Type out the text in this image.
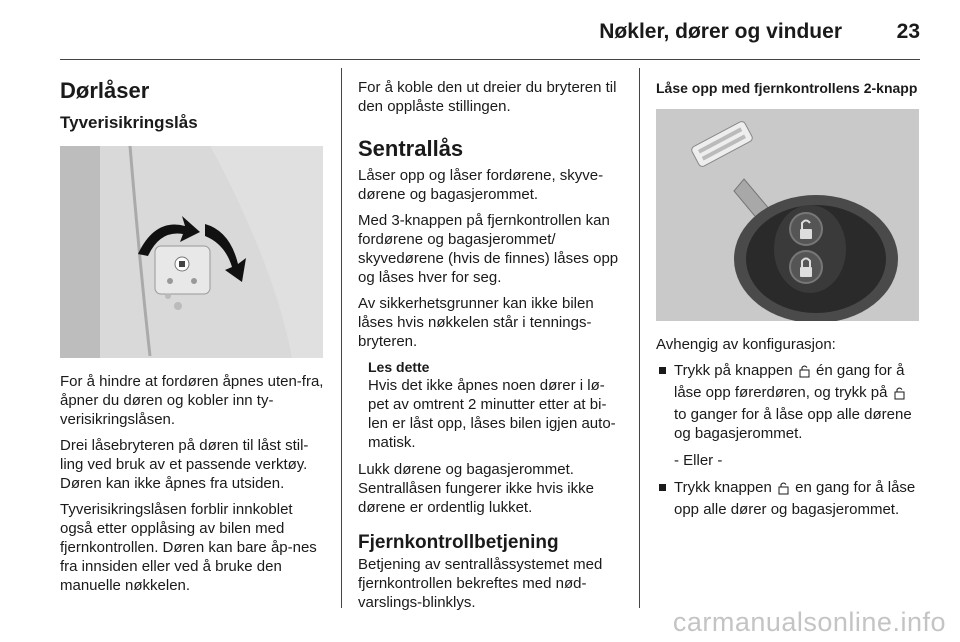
Nøkler, dører og vinduer	23
Dørlåser
Tyverisikringslås

For å hindre at fordøren åpnes uten-fra, åpner du døren og kobler inn ty-verisikringslåsen.

Drei låsebryteren på døren til låst stil-ling ved bruk av et passende verktøy. Døren kan ikke åpnes fra utsiden.

Tyverisikringslåsen forblir innkoblet også etter opplåsing av bilen med fjernkontrollen. Døren kan bare åp-nes fra innsiden eller ved å bruke den manuelle nøkkelen.

For å koble den ut dreier du bryteren til den opplåste stillingen.

Sentrallås

Låser opp og låser fordørene, skyve-dørene og bagasjerommet.

Med 3-knappen på fjernkontrollen kan fordørene og bagasjerommet/ skyvedørene (hvis de finnes) låses opp og låses hver for seg.

Av sikkerhetsgrunner kan ikke bilen låses hvis nøkkelen står i tennings-bryteren.

Les dette
Hvis det ikke åpnes noen dører i lø-pet av omtrent 2 minutter etter at bi-len er låst opp, låses bilen igjen auto-matisk.

Lukk dørene og bagasjerommet. Sentrallåsen fungerer ikke hvis ikke dørene er ordentlig lukket.

Fjernkontrollbetjening

Betjening av sentrallåssystemet med fjernkontrollen bekreftes med nød-varslings-blinklys.

Låse opp med fjernkontrollens 2-knapp

Avhengig av konfigurasjon:

Trykk på knappen én gang for å låse opp førerdøren, og trykk på  to ganger for å låse opp alle dørene og bagasjerommet.
- Eller -
Trykk knappen en gang for å låse opp alle dører og bagasjerommet.
carmanualsonline.info
